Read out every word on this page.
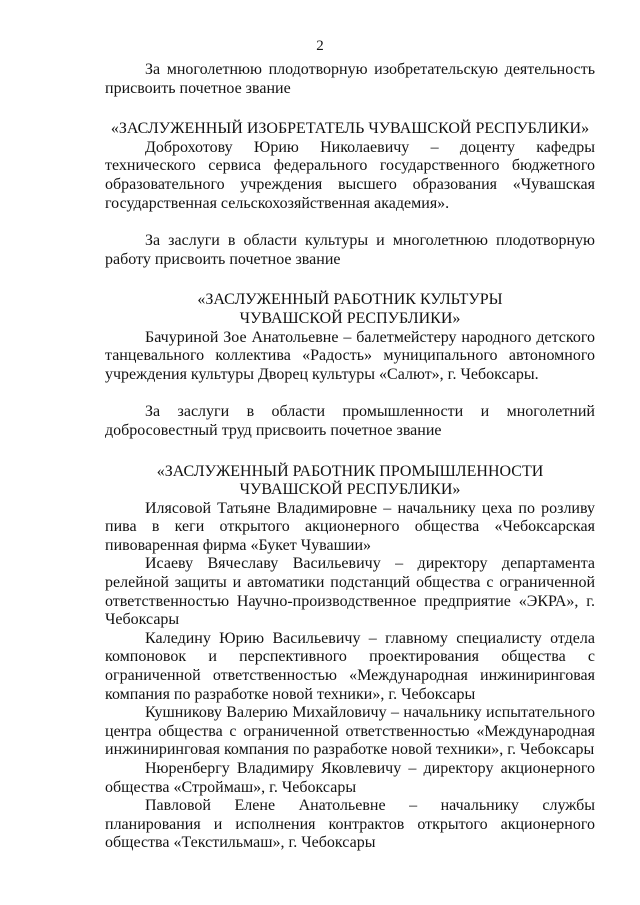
2

За многолетнюю плодотворную изобретательскую деятельность присвоить почетное звание

«ЗАСЛУЖЕННЫЙ ИЗОБРЕТАТЕЛЬ ЧУВАШСКОЙ РЕСПУБЛИКИ»

Доброхотову Юрию Николаевичу – доценту кафедры технического сервиса федерального государственного бюджетного образовательного учреждения высшего образования «Чувашская государственная сельскохозяйственная академия».

За заслуги в области культуры и многолетнюю плодотворную работу присвоить почетное звание

«ЗАСЛУЖЕННЫЙ РАБОТНИК КУЛЬТУРЫ
ЧУВАШСКОЙ РЕСПУБЛИКИ»

Бачуриной Зое Анатольевне – балетмейстеру народного детского танцевального коллектива «Радость» муниципального автономного учреждения культуры Дворец культуры «Салют», г. Чебоксары.

За заслуги в области промышленности и многолетний добросовестный труд присвоить почетное звание

«ЗАСЛУЖЕННЫЙ РАБОТНИК ПРОМЫШЛЕННОСТИ
ЧУВАШСКОЙ РЕСПУБЛИКИ»

Илясовой Татьяне Владимировне – начальнику цеха по розливу пива в кеги открытого акционерного общества «Чебоксарская пивоваренная фирма «Букет Чувашии»

Исаеву Вячеславу Васильевичу – директору департамента релейной защиты и автоматики подстанций общества с ограниченной ответственностью Научно-производственное предприятие «ЭКРА», г. Чебоксары

Каледину Юрию Васильевичу – главному специалисту отдела компоновок и перспективного проектирования общества с ограниченной ответственностью «Международная инжиниринговая компания по разработке новой техники», г. Чебоксары

Кушникову Валерию Михайловичу – начальнику испытательного центра общества с ограниченной ответственностью «Международная инжиниринговая компания по разработке новой техники», г. Чебоксары

Нюренбергу Владимиру Яковлевичу – директору акционерного общества «Строймаш», г. Чебоксары

Павловой Елене Анатольевне – начальнику службы планирования и исполнения контрактов открытого акционерного общества «Текстильмаш», г. Чебоксары
